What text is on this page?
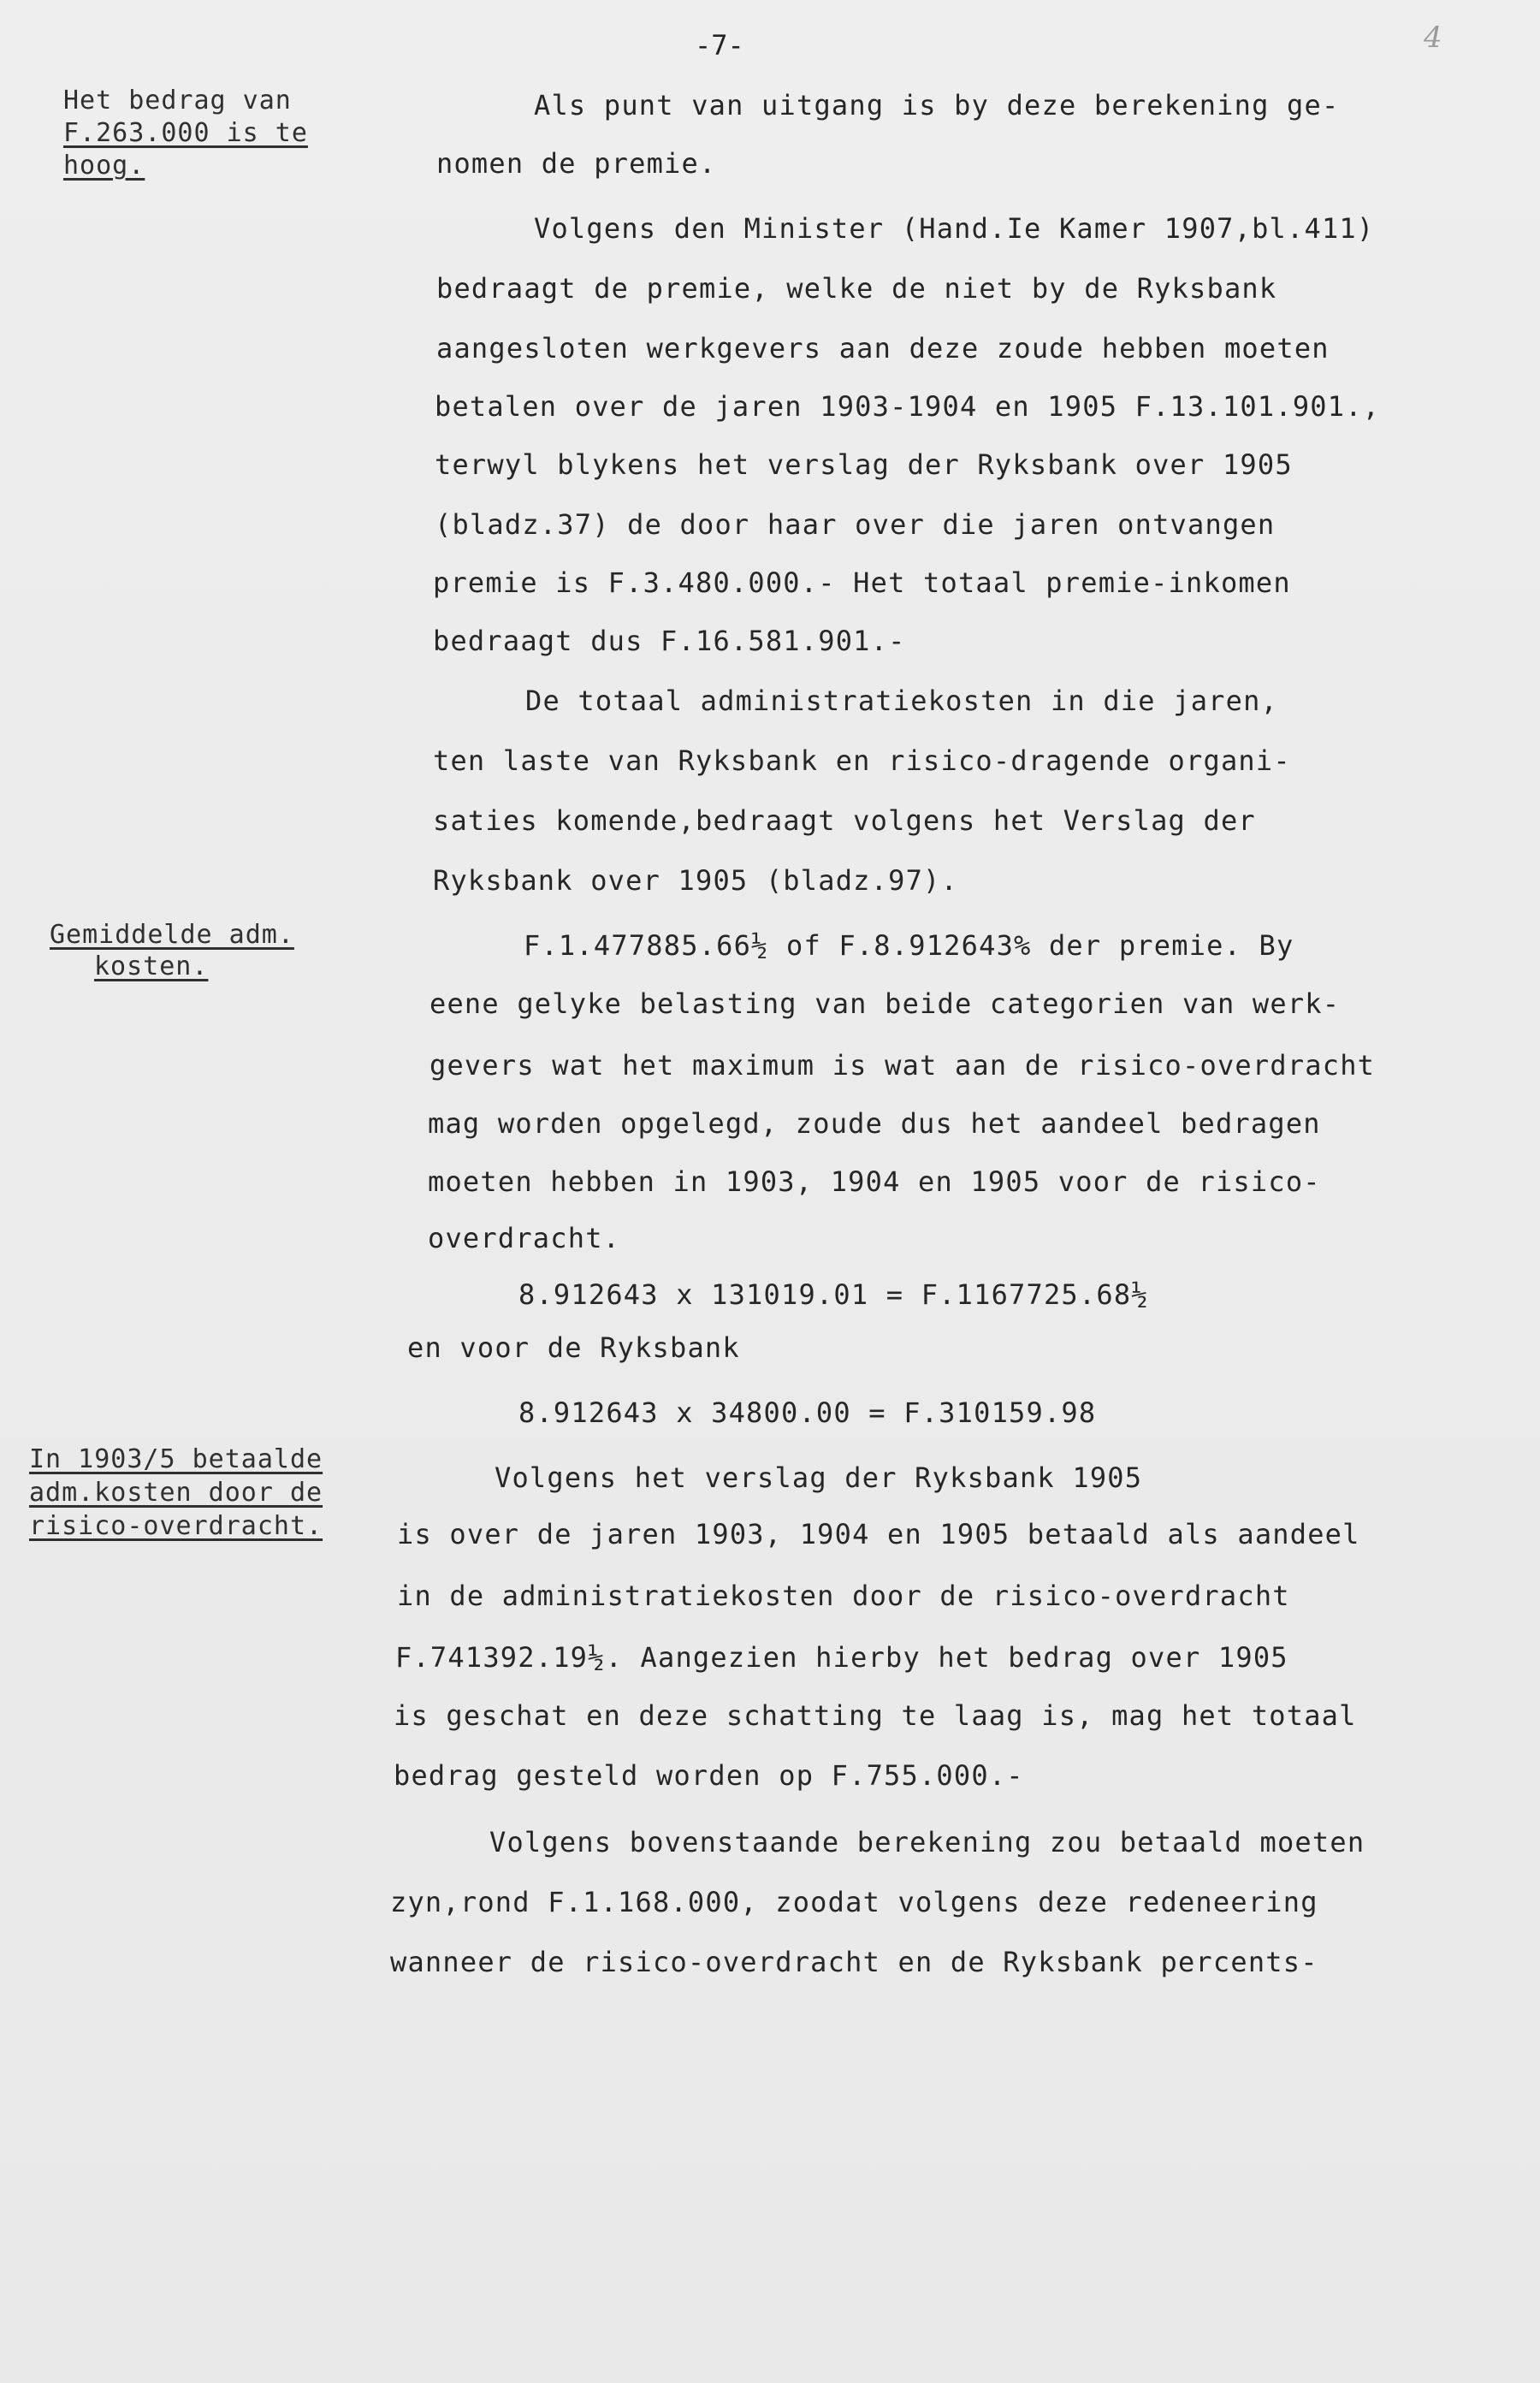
-7-	4
Het bedrag van
F.263.000 is te
hoog.
Gemiddelde adm.
kosten.
In 1903/5 betaalde
adm.kosten door de
risico-overdracht.
Als punt van uitgang is by deze berekening ge-
nomen de premie.
Volgens den Minister (Hand.Ie Kamer 1907,bl.411)
bedraagt de premie, welke de niet by de Ryksbank
aangesloten werkgevers aan deze zoude hebben moeten
betalen over de jaren 1903-1904 en 1905 F.13.101.901.,
terwyl blykens het verslag der Ryksbank over 1905
(bladz.37) de door haar over die jaren ontvangen
premie is F.3.480.000.- Het totaal premie-inkomen
bedraagt dus F.16.581.901.-
De totaal administratiekosten in die jaren,
ten laste van Ryksbank en risico-dragende organi-
saties komende,bedraagt volgens het Verslag der
Ryksbank over 1905 (bladz.97).
F.1.477885.66½ of F.8.912643% der premie. By
eene gelyke belasting van beide categorien van werk-
gevers wat het maximum is wat aan de risico-overdracht
mag worden opgelegd, zoude dus het aandeel bedragen
moeten hebben in 1903, 1904 en 1905 voor de risico-
overdracht.
8.912643 x 131019.01 = F.1167725.68½
en voor de Ryksbank
8.912643 x 34800.00 = F.310159.98
Volgens het verslag der Ryksbank 1905
is over de jaren 1903, 1904 en 1905 betaald als aandeel
in de administratiekosten door de risico-overdracht
F.741392.19½. Aangezien hierby het bedrag over 1905
is geschat en deze schatting te laag is, mag het totaal
bedrag gesteld worden op F.755.000.-
Volgens bovenstaande berekening zou betaald moeten
zyn,rond F.1.168.000, zoodat volgens deze redeneering
wanneer de risico-overdracht en de Ryksbank percents-
